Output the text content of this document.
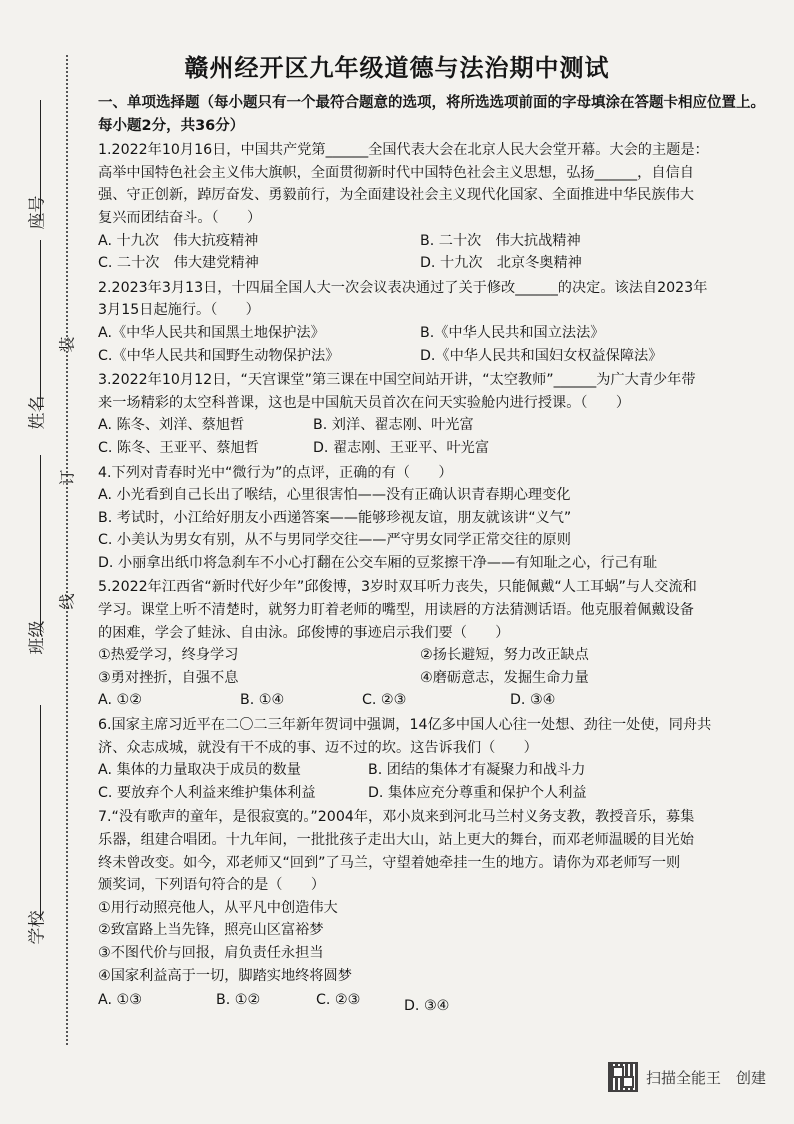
座号
姓名
班级
学校
装
订
线
赣州经开区九年级道德与法治期中测试
一、单项选择题（每小题只有一个最符合题意的选项，将所选选项前面的字母填涂在答题卡相应位置上。每小题2分，共36分）
1.2022年10月16日，中国共产党第______全国代表大会在北京人民大会堂开幕。大会的主题是：
高举中国特色社会主义伟大旗帜，全面贯彻新时代中国特色社会主义思想，弘扬______，自信自
强、守正创新，踔厉奋发、勇毅前行，为全面建设社会主义现代化国家、全面推进中华民族伟大
复兴而团结奋斗。（　　）
A. 十九次　伟大抗疫精神	B. 二十次　伟大抗战精神
C. 二十次　伟大建党精神	D. 十九次　北京冬奥精神
2.2023年3月13日，十四届全国人大一次会议表决通过了关于修改______的决定。该法自2023年
3月15日起施行。（　　）
A.《中华人民共和国黑土地保护法》	B.《中华人民共和国立法法》
C.《中华人民共和国野生动物保护法》	D.《中华人民共和国妇女权益保障法》
3.2022年10月12日，“天宫课堂”第三课在中国空间站开讲，“太空教师”______为广大青少年带
来一场精彩的太空科普课，这也是中国航天员首次在问天实验舱内进行授课。（　　）
A. 陈冬、刘洋、蔡旭哲	B. 刘洋、翟志刚、叶光富
C. 陈冬、王亚平、蔡旭哲	D. 翟志刚、王亚平、叶光富
4.下列对青春时光中“微行为”的点评，正确的有（　　）
A. 小光看到自己长出了喉结，心里很害怕——没有正确认识青春期心理变化
B. 考试时，小江给好朋友小西递答案——能够珍视友谊，朋友就该讲“义气”
C. 小美认为男女有别，从不与男同学交往——严守男女同学正常交往的原则
D. 小丽拿出纸巾将急刹车不小心打翻在公交车厢的豆浆擦干净——有知耻之心，行己有耻
5.2022年江西省“新时代好少年”邱俊博，3岁时双耳听力丧失，只能佩戴“人工耳蜗”与人交流和
学习。课堂上听不清楚时，就努力盯着老师的嘴型，用读唇的方法猜测话语。他克服着佩戴设备
的困难，学会了蛙泳、自由泳。邱俊博的事迹启示我们要（　　）
①热爱学习，终身学习	②扬长避短，努力改正缺点
③勇对挫折，自强不息	④磨砺意志，发掘生命力量
A. ①②	B. ①④	C. ②③	D. ③④
6.国家主席习近平在二〇二三年新年贺词中强调，14亿多中国人心往一处想、劲往一处使，同舟共
济、众志成城，就没有干不成的事、迈不过的坎。这告诉我们（　　）
A. 集体的力量取决于成员的数量	B. 团结的集体才有凝聚力和战斗力
C. 要放弃个人利益来维护集体利益	D. 集体应充分尊重和保护个人利益
7.“没有歌声的童年，是很寂寞的。”2004年，邓小岚来到河北马兰村义务支教，教授音乐，募集
乐器，组建合唱团。十九年间，一批批孩子走出大山，站上更大的舞台，而邓老师温暖的目光始
终未曾改变。如今，邓老师又“回到”了马兰，守望着她牵挂一生的地方。请你为邓老师写一则
颁奖词，下列语句符合的是（　　）
①用行动照亮他人，从平凡中创造伟大
②致富路上当先锋，照亮山区富裕梦
③不图代价与回报，肩负责任永担当
④国家利益高于一切，脚踏实地终将圆梦
A. ①③	B. ①②	C. ②③	D. ③④
扫描全能王　创建
